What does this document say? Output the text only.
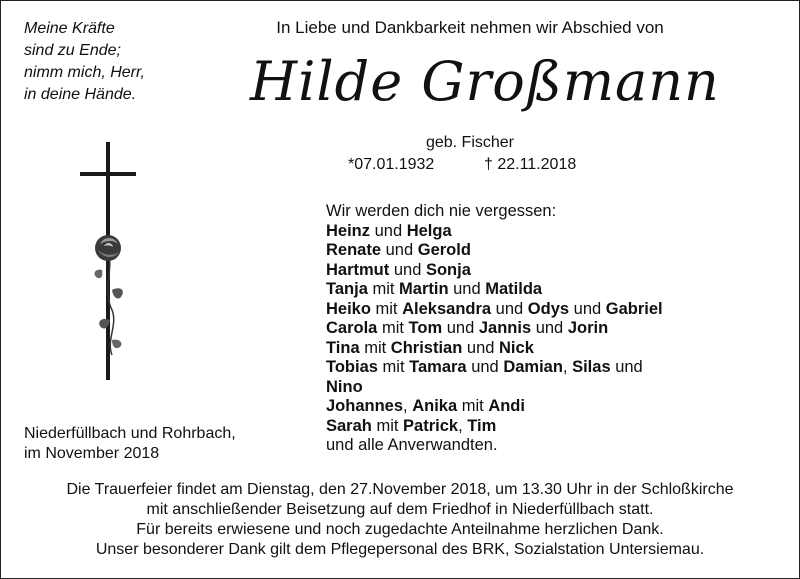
Meine Kräfte
sind zu Ende;
nimm mich, Herr,
in deine Hände.
In Liebe und Dankbarkeit nehmen wir Abschied von
Hilde Großmann
geb. Fischer
*07.01.1932	† 22.11.2018
Wir werden dich nie vergessen:
Heinz und Helga
Renate und Gerold
Hartmut und Sonja
Tanja mit Martin und Matilda
Heiko mit Aleksandra und Odys und Gabriel
Carola mit Tom und Jannis und Jorin
Tina mit Christian und Nick
Tobias mit Tamara und Damian, Silas und
Nino
Johannes, Anika mit Andi
Sarah mit Patrick, Tim
und alle Anverwandten.
Niederfüllbach und Rohrbach,
im November 2018
Die Trauerfeier findet am Dienstag, den 27.November 2018, um 13.30 Uhr in der Schloßkirche
mit anschließender Beisetzung auf dem Friedhof in Niederfüllbach statt.
Für bereits erwiesene und noch zugedachte Anteilnahme herzlichen Dank.
Unser besonderer Dank gilt dem Pflegepersonal des BRK, Sozialstation Untersiemau.
